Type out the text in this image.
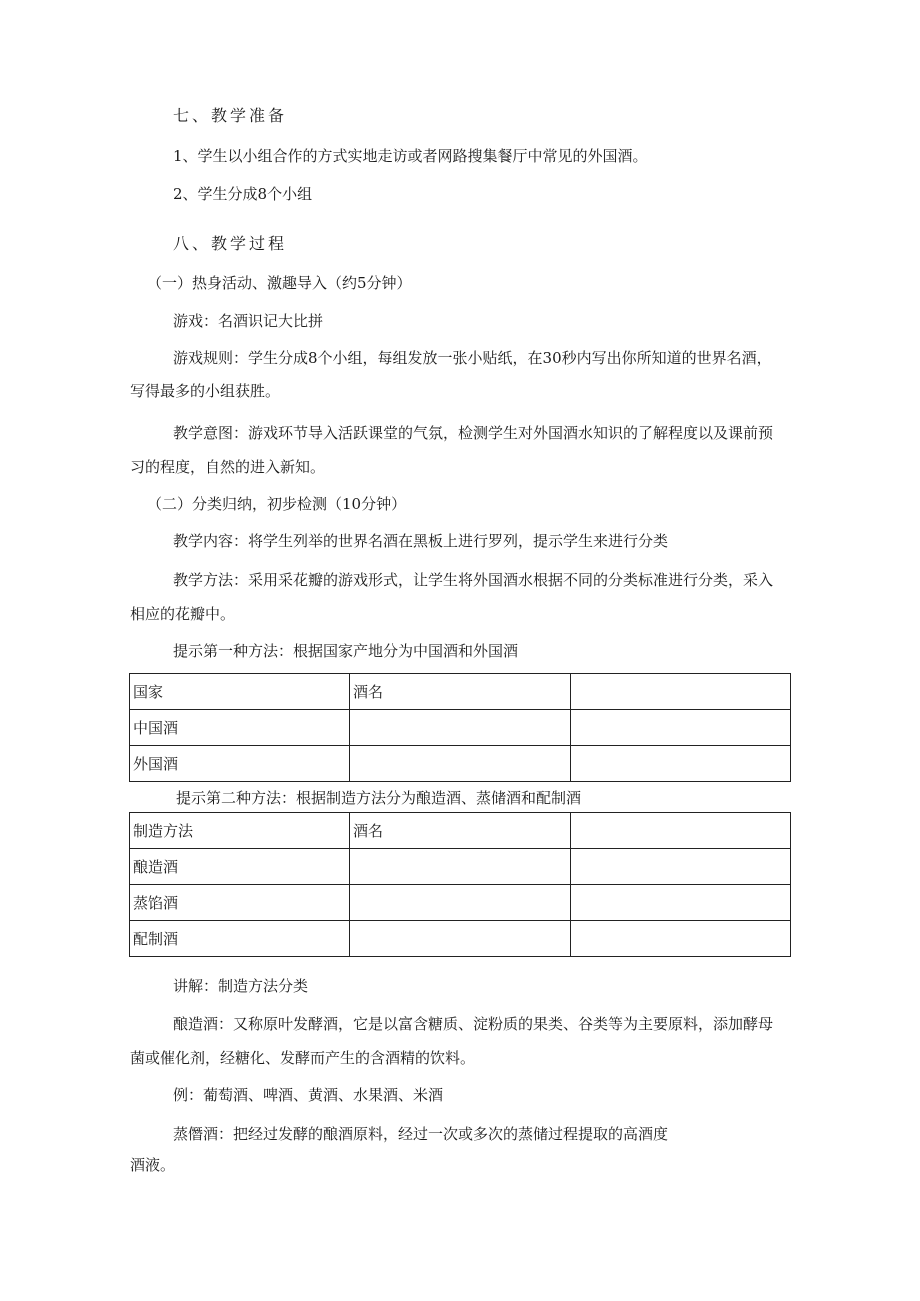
七、教学准备
1、学生以小组合作的方式实地走访或者网路搜集餐厅中常见的外国酒。
2、学生分成8个小组
八、教学过程
（一）热身活动、激趣导入（约5分钟）
游戏：名酒识记大比拼
游戏规则：学生分成8个小组，每组发放一张小贴纸，在30秒内写出你所知道的世界名酒，
写得最多的小组获胜。
教学意图：游戏环节导入活跃课堂的气氛，检测学生对外国酒水知识的了解程度以及课前预
习的程度，自然的进入新知。
（二）分类归纳，初步检测（10分钟）
教学内容：将学生列举的世界名酒在黑板上进行罗列，提示学生来进行分类
教学方法：采用采花瓣的游戏形式，让学生将外国酒水根据不同的分类标准进行分类，采入
相应的花瓣中。
提示第一种方法：根据国家产地分为中国酒和外国酒
国家	酒名	
中国酒		
外国酒		
提示第二种方法：根据制造方法分为酿造酒、蒸储酒和配制酒
制造方法	酒名	
酿造酒		
蒸馅酒		
配制酒		
讲解：制造方法分类
酿造酒：又称原叶发酵酒，它是以富含糖质、淀粉质的果类、谷类等为主要原料，添加酵母
菌或催化剂，经糖化、发酵而产生的含酒精的饮料。
例：葡萄酒、啤酒、黄酒、水果酒、米酒
蒸僭酒：把经过发酵的酿酒原料，经过一次或多次的蒸储过程提取的高酒度
酒液。
